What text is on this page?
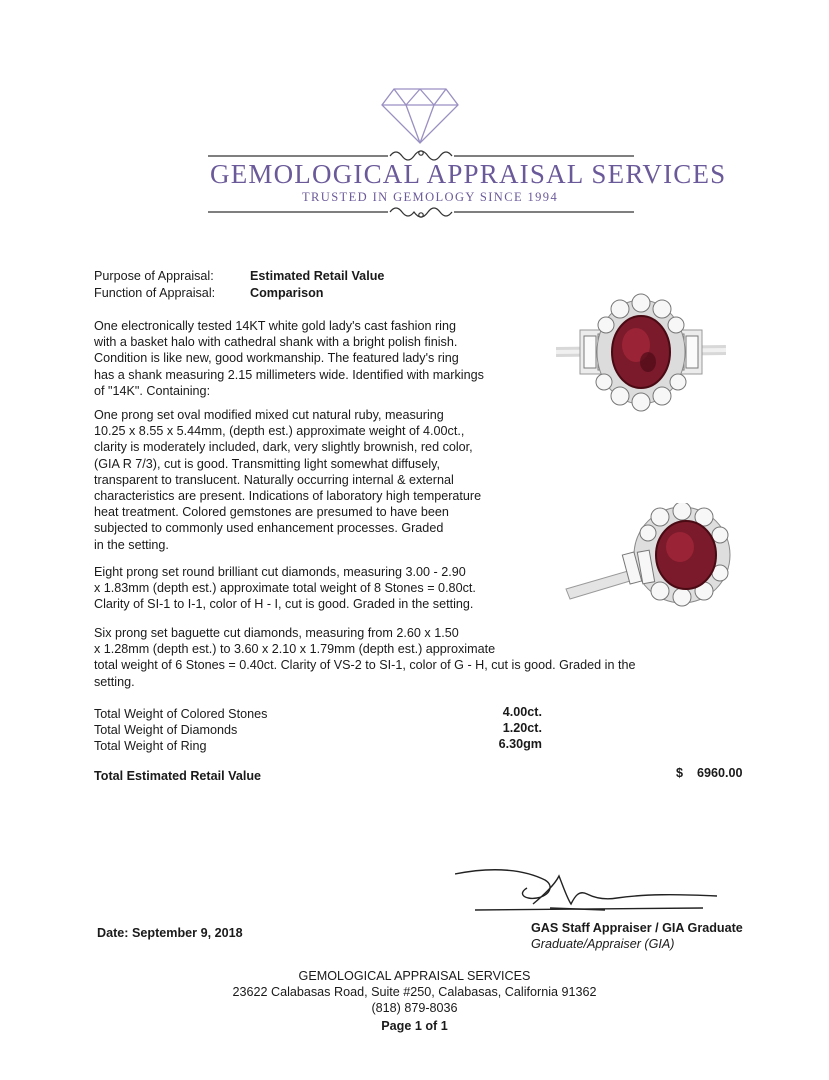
GEMOLOGICAL APPRAISAL SERVICES
TRUSTED IN GEMOLOGY SINCE 1994
Purpose of Appraisal:	Estimated Retail Value
Function of Appraisal:	Comparison
One electronically tested 14KT white gold lady's cast fashion ring
with a basket halo with cathedral shank with a bright polish finish.
Condition is like new, good workmanship. The featured lady's ring
has a shank measuring 2.15 millimeters wide. Identified with markings
of "14K". Containing:
One prong set oval modified mixed cut natural ruby, measuring
10.25 x 8.55 x 5.44mm, (depth est.) approximate weight of 4.00ct.,
clarity is moderately included, dark, very slightly brownish, red color,
(GIA R 7/3), cut is good. Transmitting light somewhat diffusely,
transparent to translucent. Naturally occurring internal & external
characteristics are present. Indications of laboratory high temperature
heat treatment. Colored gemstones are presumed to have been
subjected to commonly used enhancement processes. Graded
in the setting.
Eight prong set round brilliant cut diamonds, measuring 3.00 - 2.90
x 1.83mm (depth est.) approximate total weight of 8 Stones = 0.80ct.
Clarity of SI-1 to I-1, color of H - I, cut is good. Graded in the setting.
Six prong set baguette cut diamonds, measuring from 2.60 x 1.50
x 1.28mm (depth est.) to 3.60 x 2.10 x 1.79mm (depth est.) approximate
total weight of 6 Stones = 0.40ct. Clarity of VS-2 to SI-1, color of G - H, cut is good. Graded in the
setting.
Total Weight of Colored Stones	4.00ct.
Total Weight of Diamonds	1.20ct.
Total Weight of Ring	6.30gm
Total Estimated Retail Value	$ 6960.00
Date: September 9, 2018	GAS Staff Appraiser / GIA Graduate
Graduate/Appraiser (GIA)
GEMOLOGICAL APPRAISAL SERVICES
23622 Calabasas Road, Suite #250, Calabasas, California 91362
(818) 879-8036
Page 1 of 1
